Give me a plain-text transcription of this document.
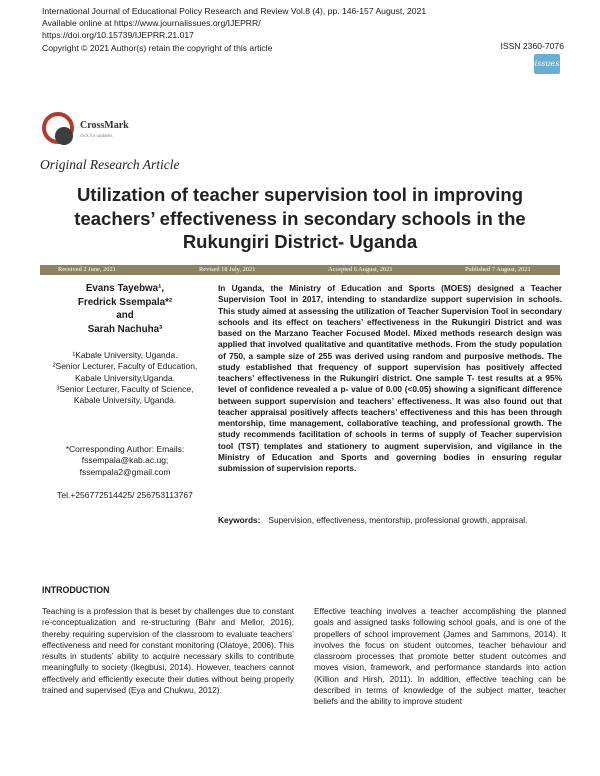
International Journal of Educational Policy Research and Review Vol.8 (4), pp. 146-157 August, 2021
Available online at https://www.journalissues.org/IJEPRR/
https://doi.org/10.15739/IJEPRR.21.017
Copyright © 2021 Author(s) retain the copyright of this article	ISSN 2360-7076
issues
CrossMark
click for updates
Original Research Article
Utilization of teacher supervision tool in improving teachers’ effectiveness in secondary schools in the Rukungiri District- Uganda
Received 2 June, 2021	Revised 18 July, 2021	Accepted 6 August, 2021	Published 7 August, 2021
Evans Tayebwa¹,
Fredrick Ssempala*²
and
Sarah Nachuha³

¹Kabale University, Uganda.

²Senior Lecturer, Faculty of Education, Kabale University,Uganda.

³Senior Lecturer, Faculty of Science, Kabale University, Uganda.

*Corresponding Author: Emails:
fssempala@kab.ac.ug;
fssempala2@gmail.com
Tel.+256772514425/ 256753113767
In Uganda, the Ministry of Education and Sports (MOES) designed a Teacher Supervision Tool in 2017, intending to standardize support supervision in schools. This study aimed at assessing the utilization of Teacher Supervision Tool in secondary schools and its effect on teachers’ effectiveness in the Rukungiri District and was based on the Marzano Teacher Focused Model. Mixed methods research design was applied that involved qualitative and quantitative methods. From the study population of 750, a sample size of 255 was derived using random and purposive methods. The study established that frequency of support supervision has positively affected teachers’ effectiveness in the Rukungiri district. One sample T- test results at a 95% level of confidence revealed a p- value of 0.00 (<0.05) showing a significant difference between support supervision and teachers’ effectiveness. It was also found out that teacher appraisal positively affects teachers’ effectiveness and this has been through mentorship, time management, collaborative teaching, and professional growth. The study recommends facilitation of schools in terms of supply of Teacher supervision tool (TST) templates and stationery to augment supervision, and vigilance in the Ministry of Education and Sports and governing bodies in ensuring regular submission of supervision reports.
Keywords: Supervision, effectiveness, mentorship, professional growth, appraisal.
INTRODUCTION
Teaching is a profession that is beset by challenges due to constant re-conceptualization and re-structuring (Bahr and Mellor, 2016), thereby requiring supervision of the classroom to evaluate teachers’ effectiveness and need for constant monitoring (Olatoye, 2006). This results in students’ ability to acquire necessary skills to contribute meaningfully to society (Ikegbusi, 2014). However, teachers cannot effectively and efficiently execute their duties without being properly trained and supervised (Eya and Chukwu, 2012).
Effective teaching involves a teacher accomplishing the planned goals and assigned tasks following school goals, and is one of the propellers of school improvement (James and Sammons, 2014). It involves the focus on student outcomes, teacher behaviour and classroom processes that promote better student outcomes and moves vision, framework, and performance standards into action (Killion and Hirsh, 2011). In addition, effective teaching can be described in terms of knowledge of the subject matter, teacher beliefs and the ability to improve student
